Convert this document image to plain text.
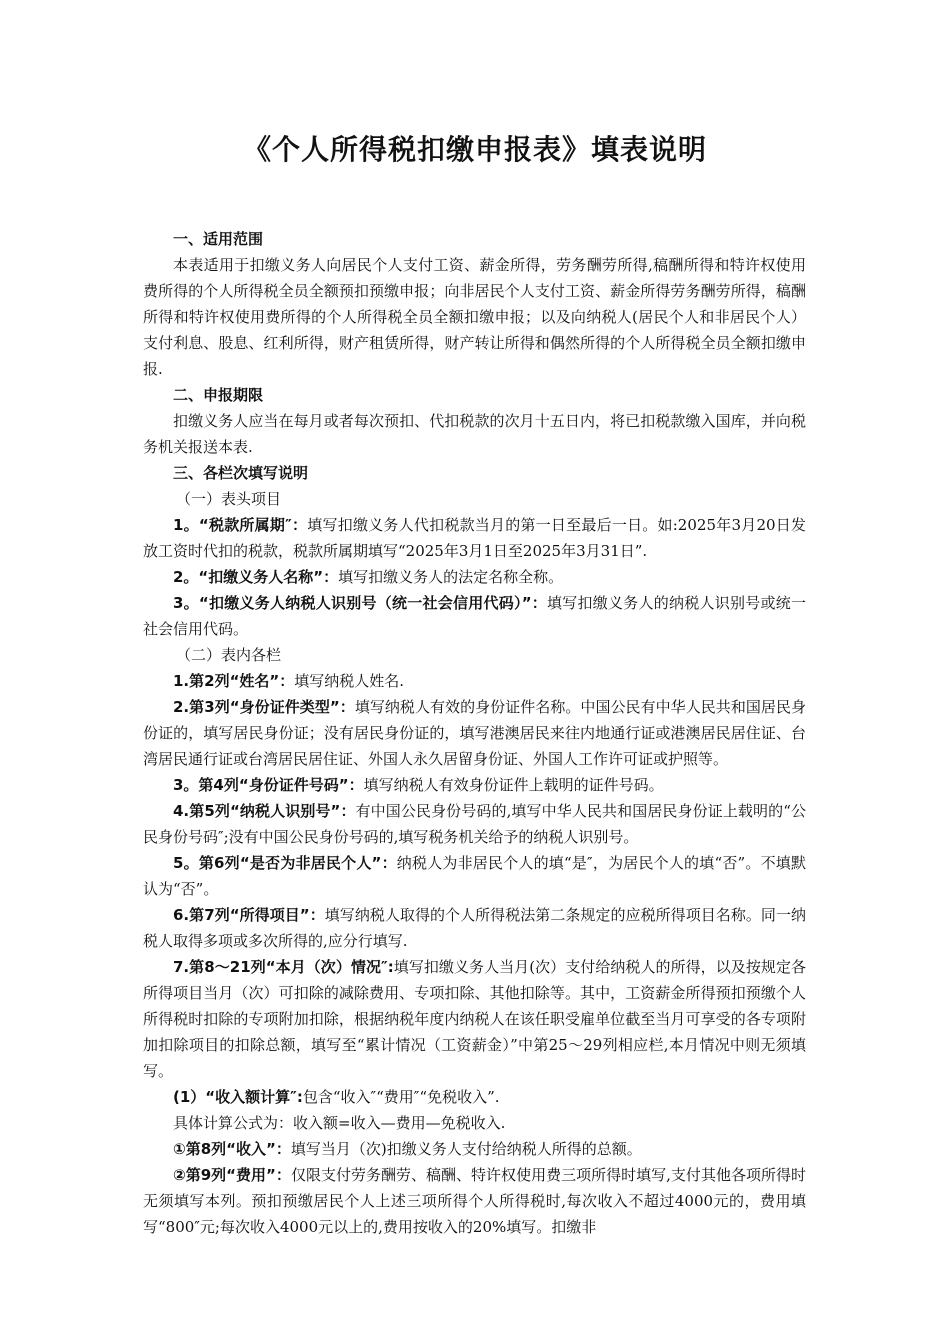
《个人所得税扣缴申报表》填表说明

一、适用范围

本表适用于扣缴义务人向居民个人支付工资、薪金所得，劳务酬劳所得,稿酬所得和特许权使用费所得的个人所得税全员全额预扣预缴申报；向非居民个人支付工资、薪金所得劳务酬劳所得，稿酬所得和特许权使用费所得的个人所得税全员全额扣缴申报；以及向纳税人(居民个人和非居民个人）支付利息、股息、红利所得，财产租赁所得，财产转让所得和偶然所得的个人所得税全员全额扣缴申报.

二、申报期限

扣缴义务人应当在每月或者每次预扣、代扣税款的次月十五日内，将已扣税款缴入国库，并向税务机关报送本表.

三、各栏次填写说明

（一）表头项目

1。“税款所属期″：填写扣缴义务人代扣税款当月的第一日至最后一日。如:2025年3月20日发放工资时代扣的税款，税款所属期填写“2025年3月1日至2025年3月31日”.

2。“扣缴义务人名称”：填写扣缴义务人的法定名称全称。

3。“扣缴义务人纳税人识别号（统一社会信用代码）”：填写扣缴义务人的纳税人识别号或统一社会信用代码。

（二）表内各栏

1.第2列“姓名”：填写纳税人姓名.

2.第3列“身份证件类型”：填写纳税人有效的身份证件名称。中国公民有中华人民共和国居民身份证的，填写居民身份证；没有居民身份证的，填写港澳居民来往内地通行证或港澳居民居住证、台湾居民通行证或台湾居民居住证、外国人永久居留身份证、外国人工作许可证或护照等。

3。第4列“身份证件号码”：填写纳税人有效身份证件上载明的证件号码。

4.第5列“纳税人识别号”：有中国公民身份号码的,填写中华人民共和国居民身份证上载明的“公民身份号码″;没有中国公民身份号码的,填写税务机关给予的纳税人识别号。

5。第6列“是否为非居民个人”：纳税人为非居民个人的填“是″，为居民个人的填“否”。不填默认为“否”。

6.第7列“所得项目”：填写纳税人取得的个人所得税法第二条规定的应税所得项目名称。同一纳税人取得多项或多次所得的,应分行填写.

7.第8～21列“本月（次）情况″:填写扣缴义务人当月(次）支付给纳税人的所得，以及按规定各所得项目当月（次）可扣除的减除费用、专项扣除、其他扣除等。其中，工资薪金所得预扣预缴个人所得税时扣除的专项附加扣除，根据纳税年度内纳税人在该任职受雇单位截至当月可享受的各专项附加扣除项目的扣除总额，填写至“累计情况（工资薪金）”中第25～29列相应栏,本月情况中则无须填写。

(1）“收入额计算″:包含“收入″“费用″“免税收入”.

具体计算公式为：收入额=收入—费用—免税收入.

①第8列“收入”：填写当月（次)扣缴义务人支付给纳税人所得的总额。

②第9列“费用”：仅限支付劳务酬劳、稿酬、特许权使用费三项所得时填写,支付其他各项所得时无须填写本列。预扣预缴居民个人上述三项所得个人所得税时,每次收入不超过4000元的，费用填写“800″元;每次收入4000元以上的,费用按收入的20%填写。扣缴非
